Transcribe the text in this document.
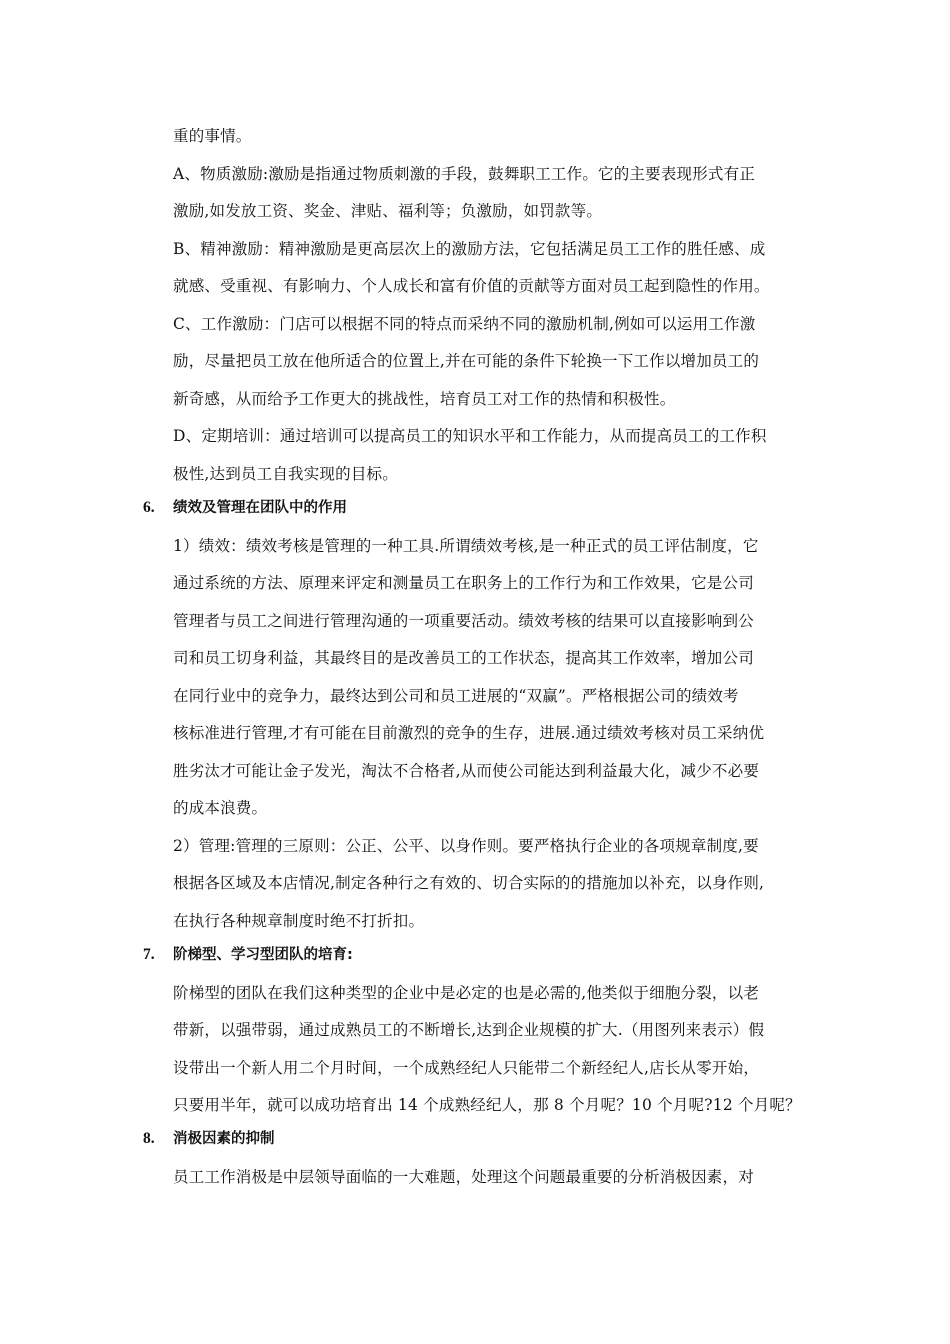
重的事情。
A、物质激励:激励是指通过物质刺激的手段，鼓舞职工工作。它的主要表现形式有正
激励,如发放工资、奖金、津贴、福利等；负激励，如罚款等。
B、精神激励：精神激励是更高层次上的激励方法，它包括满足员工工作的胜任感、成
就感、受重视、有影响力、个人成长和富有价值的贡献等方面对员工起到隐性的作用。
C、工作激励：门店可以根据不同的特点而采纳不同的激励机制,例如可以运用工作激
励，尽量把员工放在他所适合的位置上,并在可能的条件下轮换一下工作以增加员工的
新奇感，从而给予工作更大的挑战性，培育员工对工作的热情和积极性。
D、定期培训：通过培训可以提高员工的知识水平和工作能力，从而提高员工的工作积
极性,达到员工自我实现的目标。
6. 绩效及管理在团队中的作用
1）绩效：绩效考核是管理的一种工具.所谓绩效考核,是一种正式的员工评估制度，它
通过系统的方法、原理来评定和测量员工在职务上的工作行为和工作效果，它是公司
管理者与员工之间进行管理沟通的一项重要活动。绩效考核的结果可以直接影响到公
司和员工切身利益，其最终目的是改善员工的工作状态，提高其工作效率，增加公司
在同行业中的竞争力，最终达到公司和员工进展的“双赢”。严格根据公司的绩效考
核标准进行管理,才有可能在目前激烈的竞争的生存，进展.通过绩效考核对员工采纳优
胜劣汰才可能让金子发光，淘汰不合格者,从而使公司能达到利益最大化，减少不必要
的成本浪费。
2）管理:管理的三原则：公正、公平、以身作则。要严格执行企业的各项规章制度,要
根据各区域及本店情况,制定各种行之有效的、切合实际的的措施加以补充，以身作则,
在执行各种规章制度时绝不打折扣。
7. 阶梯型、学习型团队的培育:
阶梯型的团队在我们这种类型的企业中是必定的也是必需的,他类似于细胞分裂，以老
带新，以强带弱，通过成熟员工的不断增长,达到企业规模的扩大.（用图列来表示）假
设带出一个新人用二个月时间，一个成熟经纪人只能带二个新经纪人,店长从零开始，
只要用半年，就可以成功培育出 14 个成熟经纪人，那 8 个月呢？10 个月呢?12 个月呢？
8. 消极因素的抑制
员工工作消极是中层领导面临的一大难题，处理这个问题最重要的分析消极因素，对
